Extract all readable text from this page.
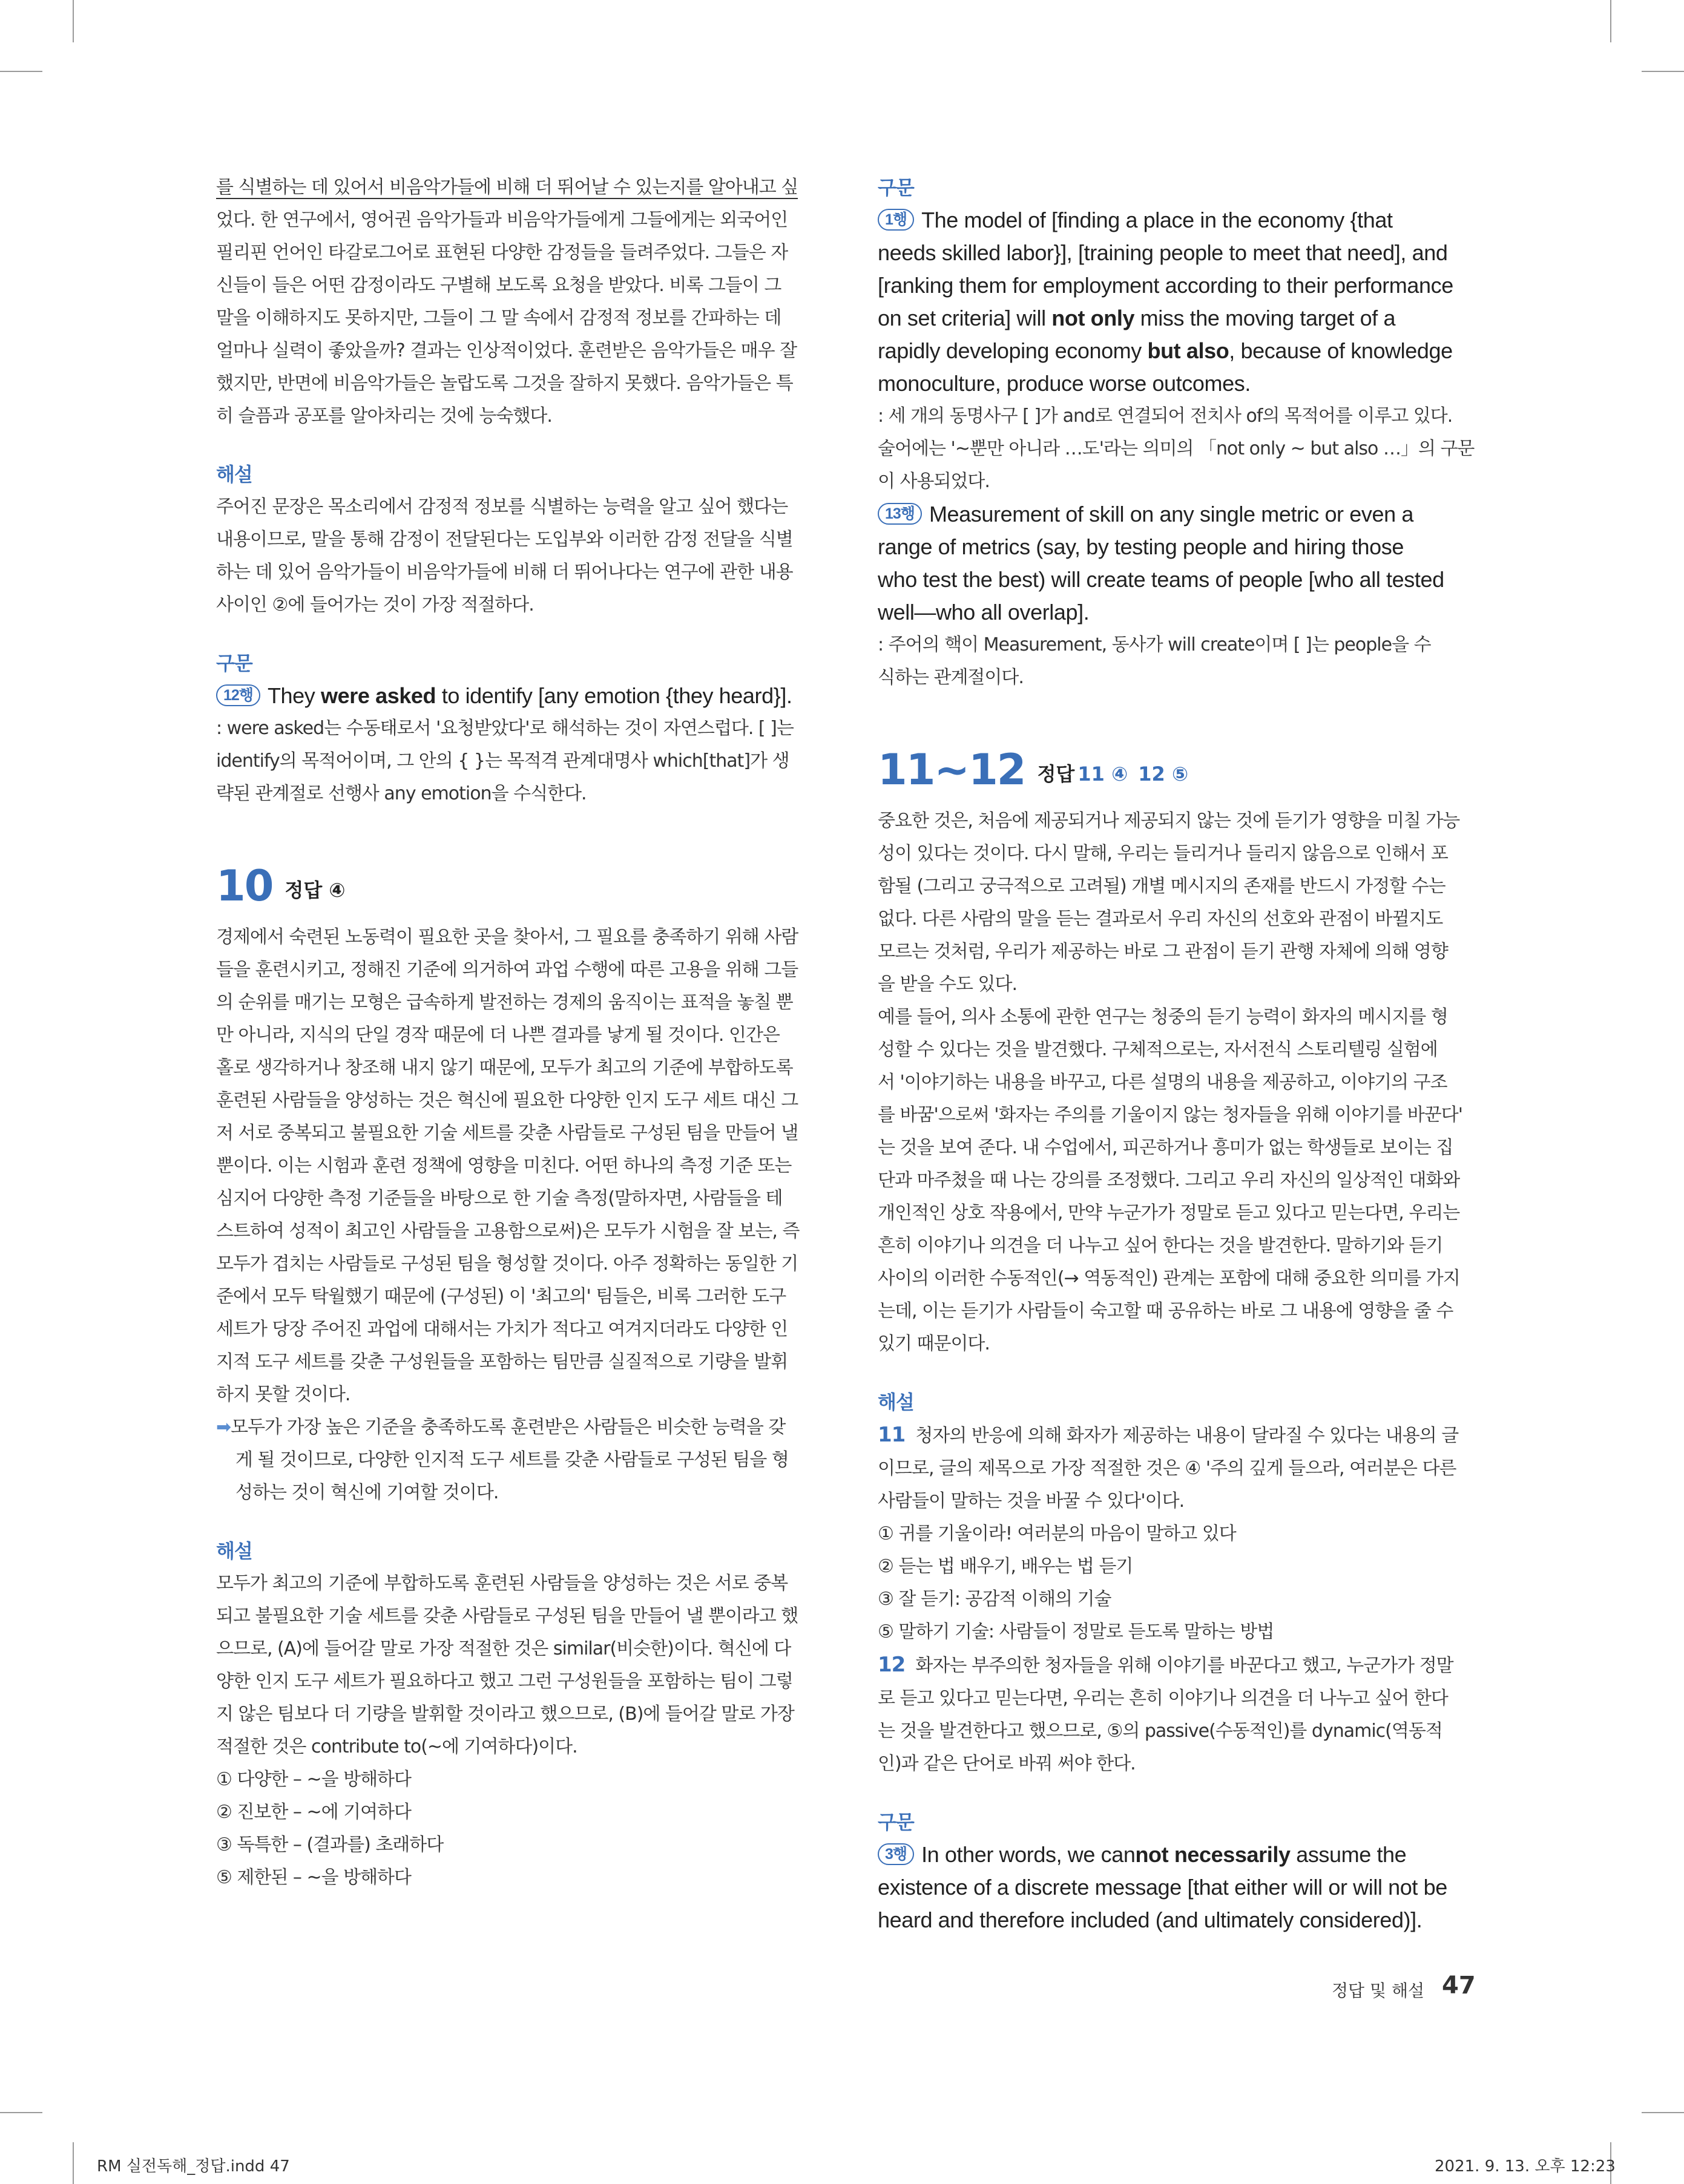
를 식별하는 데 있어서 비음악가들에 비해 더 뛰어날 수 있는지를 알아내고 싶

었다. 한 연구에서, 영어권 음악가들과 비음악가들에게 그들에게는 외국어인

필리핀 언어인 타갈로그어로 표현된 다양한 감정들을 들려주었다. 그들은 자

신들이 들은 어떤 감정이라도 구별해 보도록 요청을 받았다. 비록 그들이 그

말을 이해하지도 못하지만, 그들이 그 말 속에서 감정적 정보를 간파하는 데

얼마나 실력이 좋았을까? 결과는 인상적이었다. 훈련받은 음악가들은 매우 잘

했지만, 반면에 비음악가들은 놀랍도록 그것을 잘하지 못했다. 음악가들은 특

히 슬픔과 공포를 알아차리는 것에 능숙했다.

해설

주어진 문장은 목소리에서 감정적 정보를 식별하는 능력을 알고 싶어 했다는

내용이므로, 말을 통해 감정이 전달된다는 도입부와 이러한 감정 전달을 식별

하는 데 있어 음악가들이 비음악가들에 비해 더 뛰어나다는 연구에 관한 내용

사이인 ②에 들어가는 것이 가장 적절하다.

구문

12행 They were asked to identify [any emotion {they heard}].

: were asked는 수동태로서 '요청받았다'로 해석하는 것이 자연스럽다. [ ]는

identify의 목적어이며, 그 안의 { }는 목적격 관계대명사 which[that]가 생

략된 관계절로 선행사 any emotion을 수식한다.

10 정답 ④

경제에서 숙련된 노동력이 필요한 곳을 찾아서, 그 필요를 충족하기 위해 사람

들을 훈련시키고, 정해진 기준에 의거하여 과업 수행에 따른 고용을 위해 그들

의 순위를 매기는 모형은 급속하게 발전하는 경제의 움직이는 표적을 놓칠 뿐

만 아니라, 지식의 단일 경작 때문에 더 나쁜 결과를 낳게 될 것이다. 인간은

홀로 생각하거나 창조해 내지 않기 때문에, 모두가 최고의 기준에 부합하도록

훈련된 사람들을 양성하는 것은 혁신에 필요한 다양한 인지 도구 세트 대신 그

저 서로 중복되고 불필요한 기술 세트를 갖춘 사람들로 구성된 팀을 만들어 낼

뿐이다. 이는 시험과 훈련 정책에 영향을 미친다. 어떤 하나의 측정 기준 또는

심지어 다양한 측정 기준들을 바탕으로 한 기술 측정(말하자면, 사람들을 테

스트하여 성적이 최고인 사람들을 고용함으로써)은 모두가 시험을 잘 보는, 즉

모두가 겹치는 사람들로 구성된 팀을 형성할 것이다. 아주 정확하는 동일한 기

준에서 모두 탁월했기 때문에 (구성된) 이 '최고의' 팀들은, 비록 그러한 도구

세트가 당장 주어진 과업에 대해서는 가치가 적다고 여겨지더라도 다양한 인

지적 도구 세트를 갖춘 구성원들을 포함하는 팀만큼 실질적으로 기량을 발휘

하지 못할 것이다.

➡모두가 가장 높은 기준을 충족하도록 훈련받은 사람들은 비슷한 능력을 갖

게 될 것이므로, 다양한 인지적 도구 세트를 갖춘 사람들로 구성된 팀을 형

성하는 것이 혁신에 기여할 것이다.

해설

모두가 최고의 기준에 부합하도록 훈련된 사람들을 양성하는 것은 서로 중복

되고 불필요한 기술 세트를 갖춘 사람들로 구성된 팀을 만들어 낼 뿐이라고 했

으므로, (A)에 들어갈 말로 가장 적절한 것은 similar(비슷한)이다. 혁신에 다

양한 인지 도구 세트가 필요하다고 했고 그런 구성원들을 포함하는 팀이 그렇

지 않은 팀보다 더 기량을 발휘할 것이라고 했으므로, (B)에 들어갈 말로 가장

적절한 것은 contribute to(~에 기여하다)이다.

① 다양한 – ~을 방해하다

② 진보한 – ~에 기여하다

③ 독특한 – (결과를) 초래하다

⑤ 제한된 – ~을 방해하다

구문

1행 The model of [finding a place in the economy {that

needs skilled labor}], [training people to meet that need], and

[ranking them for employment according to their performance

on set criteria] will not only miss the moving target of a

rapidly developing economy but also, because of knowledge

monoculture, produce worse outcomes.

: 세 개의 동명사구 [ ]가 and로 연결되어 전치사 of의 목적어를 이루고 있다.

술어에는 '~뿐만 아니라 …도'라는 의미의 「not only ~ but also …」의 구문

이 사용되었다.

13행 Measurement of skill on any single metric or even a

range of metrics (say, by testing people and hiring those

who test the best) will create teams of people [who all tested

well—who all overlap].

: 주어의 핵이 Measurement, 동사가 will create이며 [ ]는 people을 수

식하는 관계절이다.

11~12 정답 11 ④ 12 ⑤

중요한 것은, 처음에 제공되거나 제공되지 않는 것에 듣기가 영향을 미칠 가능

성이 있다는 것이다. 다시 말해, 우리는 들리거나 들리지 않음으로 인해서 포

함될 (그리고 궁극적으로 고려될) 개별 메시지의 존재를 반드시 가정할 수는

없다. 다른 사람의 말을 듣는 결과로서 우리 자신의 선호와 관점이 바뀔지도

모르는 것처럼, 우리가 제공하는 바로 그 관점이 듣기 관행 자체에 의해 영향

을 받을 수도 있다.

예를 들어, 의사 소통에 관한 연구는 청중의 듣기 능력이 화자의 메시지를 형

성할 수 있다는 것을 발견했다. 구체적으로는, 자서전식 스토리텔링 실험에

서 '이야기하는 내용을 바꾸고, 다른 설명의 내용을 제공하고, 이야기의 구조

를 바꿈'으로써 '화자는 주의를 기울이지 않는 청자들을 위해 이야기를 바꾼다'

는 것을 보여 준다. 내 수업에서, 피곤하거나 흥미가 없는 학생들로 보이는 집

단과 마주쳤을 때 나는 강의를 조정했다. 그리고 우리 자신의 일상적인 대화와

개인적인 상호 작용에서, 만약 누군가가 정말로 듣고 있다고 믿는다면, 우리는

흔히 이야기나 의견을 더 나누고 싶어 한다는 것을 발견한다. 말하기와 듣기

사이의 이러한 수동적인(→ 역동적인) 관계는 포함에 대해 중요한 의미를 가지

는데, 이는 듣기가 사람들이 숙고할 때 공유하는 바로 그 내용에 영향을 줄 수

있기 때문이다.

해설

11 청자의 반응에 의해 화자가 제공하는 내용이 달라질 수 있다는 내용의 글

이므로, 글의 제목으로 가장 적절한 것은 ④ '주의 깊게 들으라, 여러분은 다른

사람들이 말하는 것을 바꿀 수 있다'이다.

① 귀를 기울이라! 여러분의 마음이 말하고 있다

② 듣는 법 배우기, 배우는 법 듣기

③ 잘 듣기: 공감적 이해의 기술

⑤ 말하기 기술: 사람들이 정말로 듣도록 말하는 방법

12 화자는 부주의한 청자들을 위해 이야기를 바꾼다고 했고, 누군가가 정말

로 듣고 있다고 믿는다면, 우리는 흔히 이야기나 의견을 더 나누고 싶어 한다

는 것을 발견한다고 했으므로, ⑤의 passive(수동적인)를 dynamic(역동적

인)과 같은 단어로 바꿔 써야 한다.

구문

3행 In other words, we cannot necessarily assume the

existence of a discrete message [that either will or will not be

heard and therefore included (and ultimately considered)].

정답 및 해설 47
RM 실전독해_정답.indd 47	2021. 9. 13. 오후 12:23
